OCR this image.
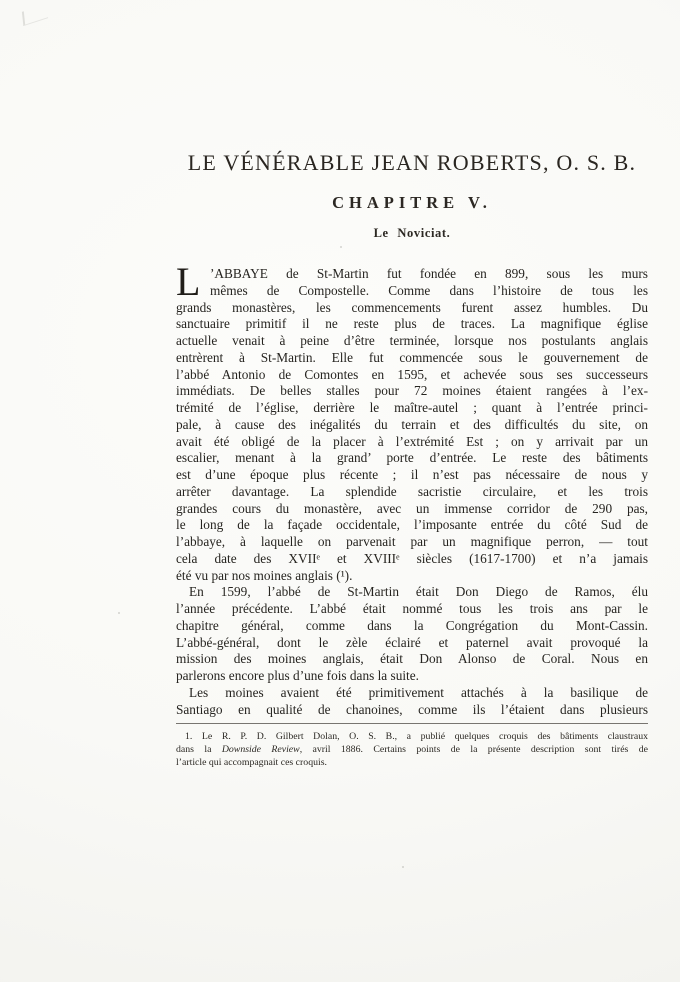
LE VÉNÉRABLE JEAN ROBERTS, O. S. B.
CHAPITRE V.
Le Noviciat.
L ’ABBAYE de St-Martin fut fondée en 899, sous les murs
mêmes de Compostelle. Comme dans l’histoire de tous les
grands monastères, les commencements furent assez humbles. Du
sanctuaire primitif il ne reste plus de traces. La magnifique église
actuelle venait à peine d’être terminée, lorsque nos postulants anglais
entrèrent à St-Martin. Elle fut commencée sous le gouvernement de
l’abbé Antonio de Comontes en 1595, et achevée sous ses successeurs
immédiats. De belles stalles pour 72 moines étaient rangées à l’ex-
trémité de l’église, derrière le maître-autel ; quant à l’entrée princi-
pale, à cause des inégalités du terrain et des difficultés du site, on
avait été obligé de la placer à l’extrémité Est ; on y arrivait par un
escalier, menant à la grand’ porte d’entrée. Le reste des bâtiments
est d’une époque plus récente ; il n’est pas nécessaire de nous y
arrêter davantage. La splendide sacristie circulaire, et les trois
grandes cours du monastère, avec un immense corridor de 290 pas,
le long de la façade occidentale, l’imposante entrée du côté Sud de
l’abbaye, à laquelle on parvenait par un magnifique perron, — tout
cela date des XVIIᵉ et XVIIIᵉ siècles (1617-1700) et n’a jamais
été vu par nos moines anglais (¹).
En 1599, l’abbé de St-Martin était Don Diego de Ramos, élu
l’année précédente. L’abbé était nommé tous les trois ans par le
chapitre général, comme dans la Congrégation du Mont-Cassin.
L’abbé-général, dont le zèle éclairé et paternel avait provoqué la
mission des moines anglais, était Don Alonso de Coral. Nous en
parlerons encore plus d’une fois dans la suite.
Les moines avaient été primitivement attachés à la basilique de
Santiago en qualité de chanoines, comme ils l’étaient dans plusieurs
1. Le R. P. D. Gilbert Dolan, O. S. B., a publié quelques croquis des bâtiments claustraux
dans la Downside Review, avril 1886. Certains points de la présente description sont tirés de
l’article qui accompagnait ces croquis.
